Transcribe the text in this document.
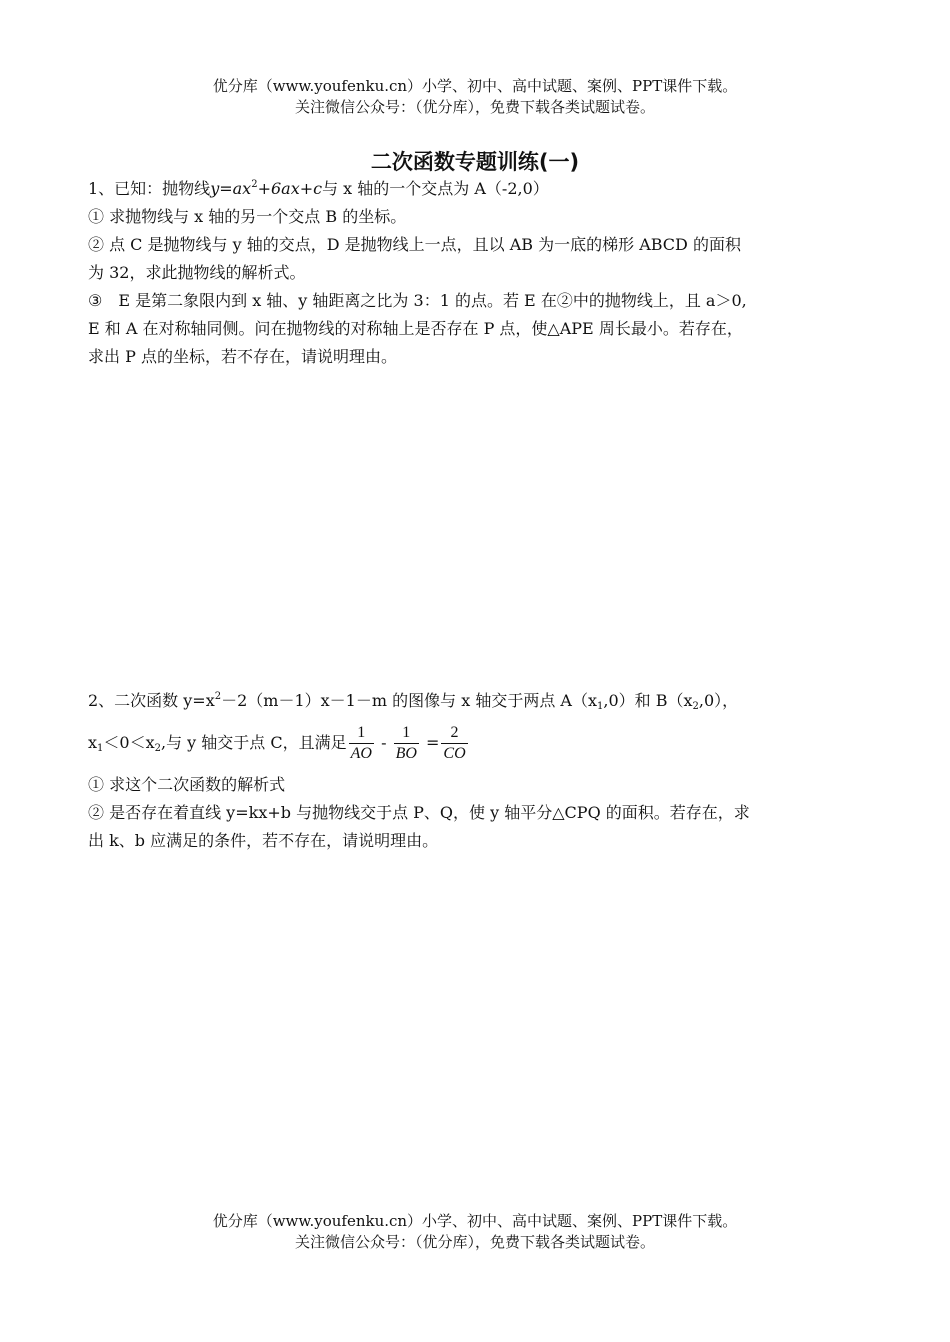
优分库（www.youfenku.cn）小学、初中、高中试题、案例、PPT课件下载。
关注微信公众号：（优分库），免费下载各类试题试卷。
二次函数专题训练(一)

1、已知：抛物线$y=ax^2+6ax+c$与 x 轴的一个交点为 A（-2,0）

① 求抛物线与 x 轴的另一个交点 B 的坐标。

② 点 C 是抛物线与 y 轴的交点，D 是抛物线上一点，且以 AB 为一底的梯形 ABCD 的面积

为 32，求此抛物线的解析式。

③　E 是第二象限内到 x 轴、y 轴距离之比为 3：1 的点。若 E 在②中的抛物线上，且 a＞0,

E 和 A 在对称轴同侧。问在抛物线的对称轴上是否存在 P 点，使△APE 周长最小。若存在，

求出 P 点的坐标，若不存在，请说明理由。

2、二次函数 $y=x^2-2(m-1)x-1-m$ 的图像与 x 轴交于两点 $A(x_1,0)$和 $B(x_2,0)$，

$x_1<0<x_2$,与 y 轴交于点 C，且满足 $\frac{1}{AO} - \frac{1}{BO} = \frac{2}{CO}$

① 求这个二次函数的解析式

② 是否存在着直线 y=kx+b 与抛物线交于点 P、Q，使 y 轴平分△CPQ 的面积。若存在，求

出 k、b 应满足的条件，若不存在，请说明理由。

优分库（www.youfenku.cn）小学、初中、高中试题、案例、PPT课件下载。
关注微信公众号：（优分库），免费下载各类试题试卷。
